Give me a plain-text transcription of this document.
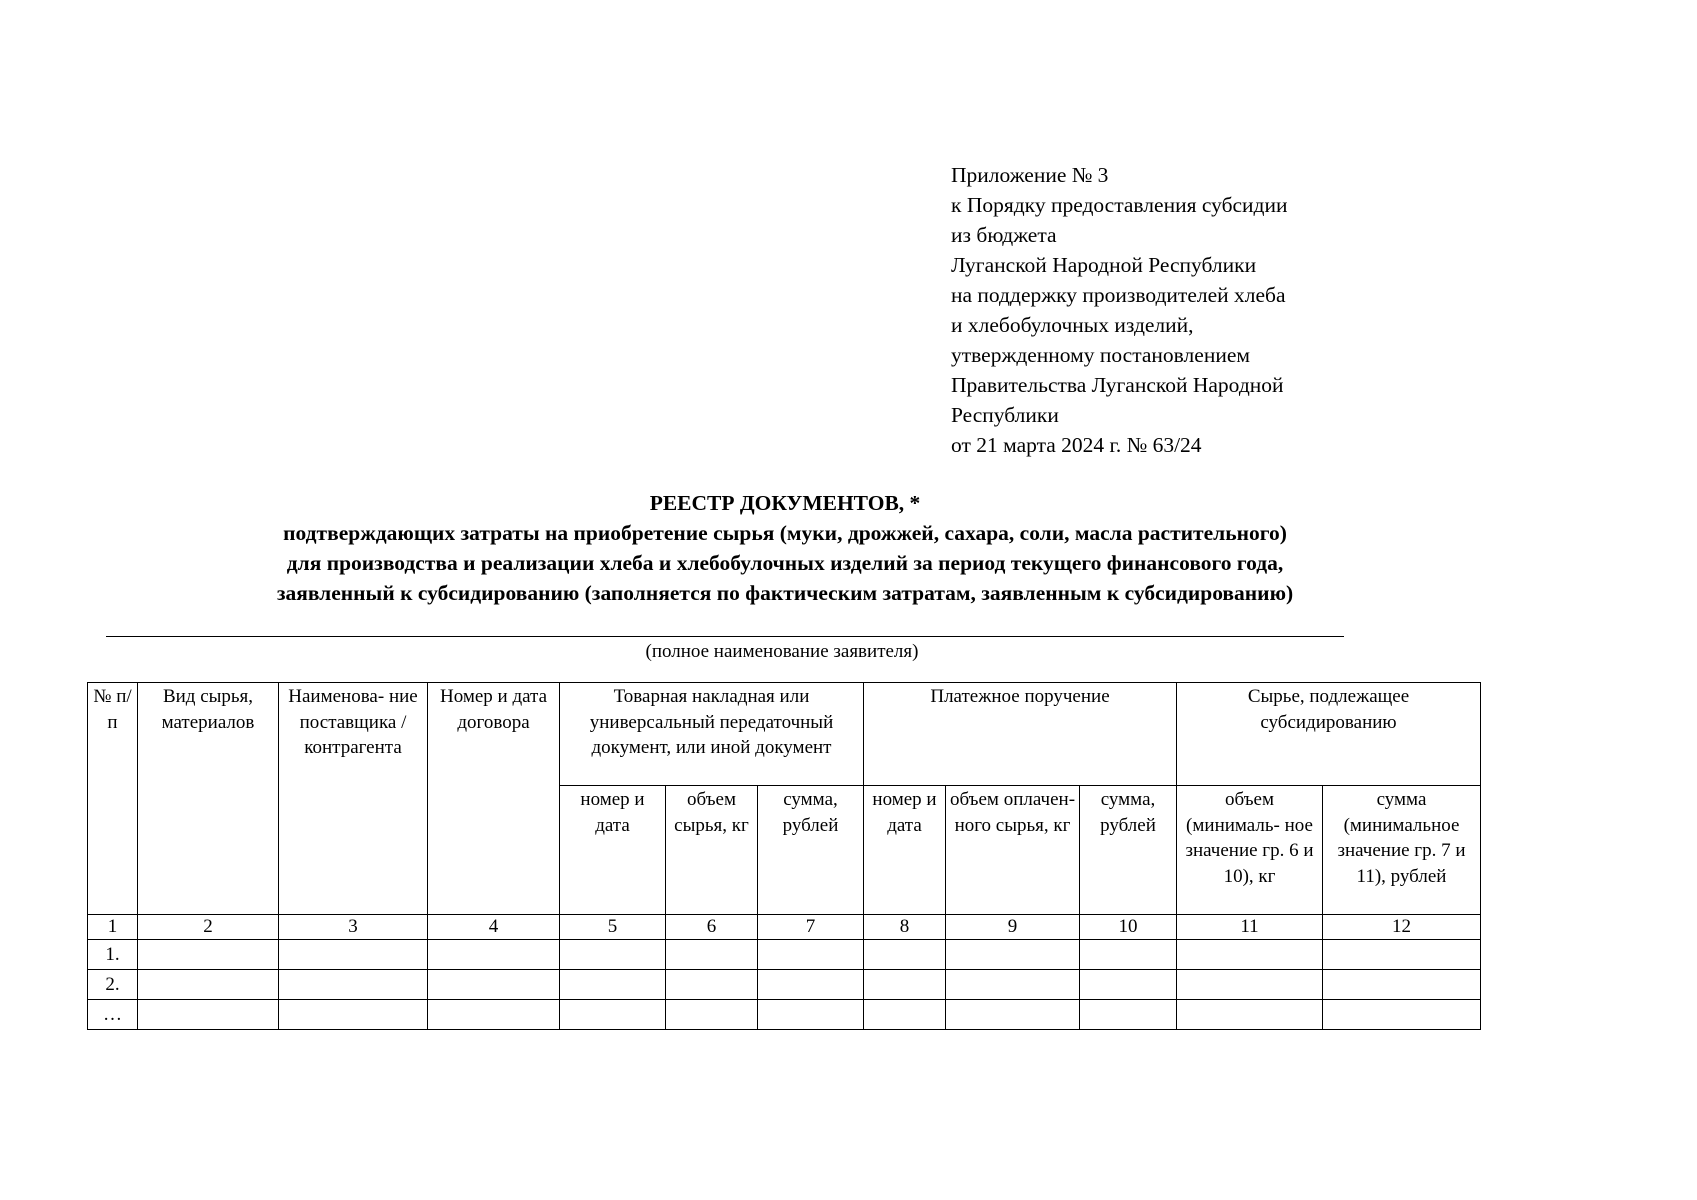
Приложение № 3
к Порядку предоставления субсидии
из бюджета
Луганской Народной Республики
на поддержку производителей хлеба
и хлебобулочных изделий,
утвержденному постановлением
Правительства Луганской Народной
Республики
от 21 марта 2024 г. № 63/24
РЕЕСТР ДОКУМЕНТОВ, *
подтверждающих затраты на приобретение сырья (муки, дрожжей, сахара, соли, масла растительного)
для производства и реализации хлеба и хлебобулочных изделий за период текущего финансового года,
заявленный к субсидированию (заполняется по фактическим затратам, заявленным к субсидированию)
(полное наименование заявителя)
№ п/п	Вид сырья, материалов	Наименова- ние поставщика / контрагента	Номер и дата договора	Товарная накладная или универсальный передаточный документ, или иной документ			Платежное поручение			Сырье, подлежащее субсидированию	
				номер и дата	объем сырья, кг	сумма, рублей	номер и дата	объем оплачен- ного сырья, кг	сумма, рублей	объем (минималь- ное значение гр. 6 и 10), кг	сумма (минимальное значение гр. 7 и 11), рублей
1	2	3	4	5	6	7	8	9	10	11	12
1.											
2.											
…											
